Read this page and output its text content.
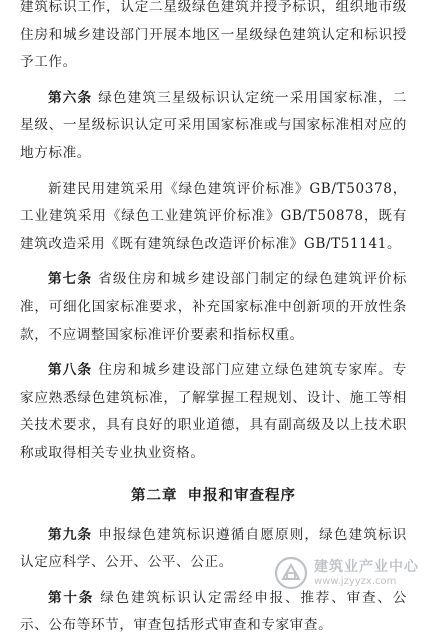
建筑标识工作，认定二星级绿色建筑并授予标识，组织地市级住房和城乡建设部门开展本地区一星级绿色建筑认定和标识授予工作。

第六条 绿色建筑三星级标识认定统一采用国家标准，二星级、一星级标识认定可采用国家标准或与国家标准相对应的地方标准。

新建民用建筑采用《绿色建筑评价标准》GB/T50378，工业建筑采用《绿色工业建筑评价标准》GB/T50878，既有建筑改造采用《既有建筑绿色改造评价标准》GB/T51141。

第七条 省级住房和城乡建设部门制定的绿色建筑评价标准，可细化国家标准要求，补充国家标准中创新项的开放性条款，不应调整国家标准评价要素和指标权重。

第八条 住房和城乡建设部门应建立绿色建筑专家库。专家应熟悉绿色建筑标准，了解掌握工程规划、设计、施工等相关技术要求，具有良好的职业道德，具有副高级及以上技术职称或取得相关专业执业资格。

第二章 申报和审查程序

第九条 申报绿色建筑标识遵循自愿原则，绿色建筑标识认定应科学、公开、公平、公正。

第十条 绿色建筑标识认定需经申报、推荐、审查、公示、公布等环节，审查包括形式审查和专家审查。

建筑业产业中心
www.jzyyzx.com
